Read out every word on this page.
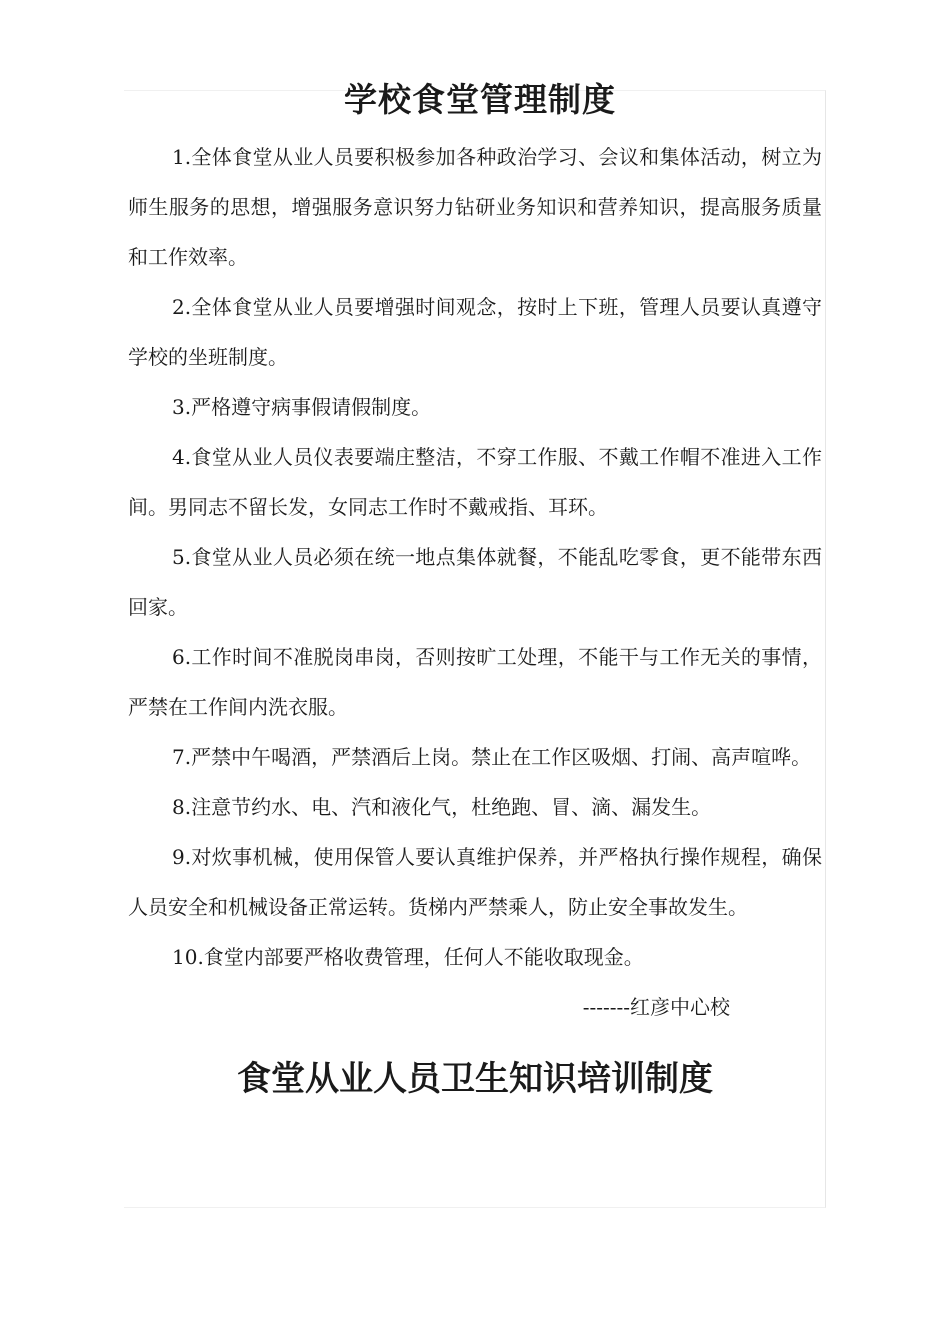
学校食堂管理制度

1.全体食堂从业人员要积极参加各种政治学习、会议和集体活动，树立为师生服务的思想，增强服务意识努力钻研业务知识和营养知识，提高服务质量和工作效率。

2.全体食堂从业人员要增强时间观念，按时上下班，管理人员要认真遵守学校的坐班制度。

3.严格遵守病事假请假制度。

4.食堂从业人员仪表要端庄整洁，不穿工作服、不戴工作帽不准进入工作间。男同志不留长发，女同志工作时不戴戒指、耳环。

5.食堂从业人员必须在统一地点集体就餐，不能乱吃零食，更不能带东西回家。

6.工作时间不准脱岗串岗，否则按旷工处理，不能干与工作无关的事情，严禁在工作间内洗衣服。

7.严禁中午喝酒，严禁酒后上岗。禁止在工作区吸烟、打闹、高声喧哗。

8.注意节约水、电、汽和液化气，杜绝跑、冒、滴、漏发生。

9.对炊事机械，使用保管人要认真维护保养，并严格执行操作规程，确保人员安全和机械设备正常运转。货梯内严禁乘人，防止安全事故发生。

10.食堂内部要严格收费管理，任何人不能收取现金。

-------红彦中心校

食堂从业人员卫生知识培训制度
